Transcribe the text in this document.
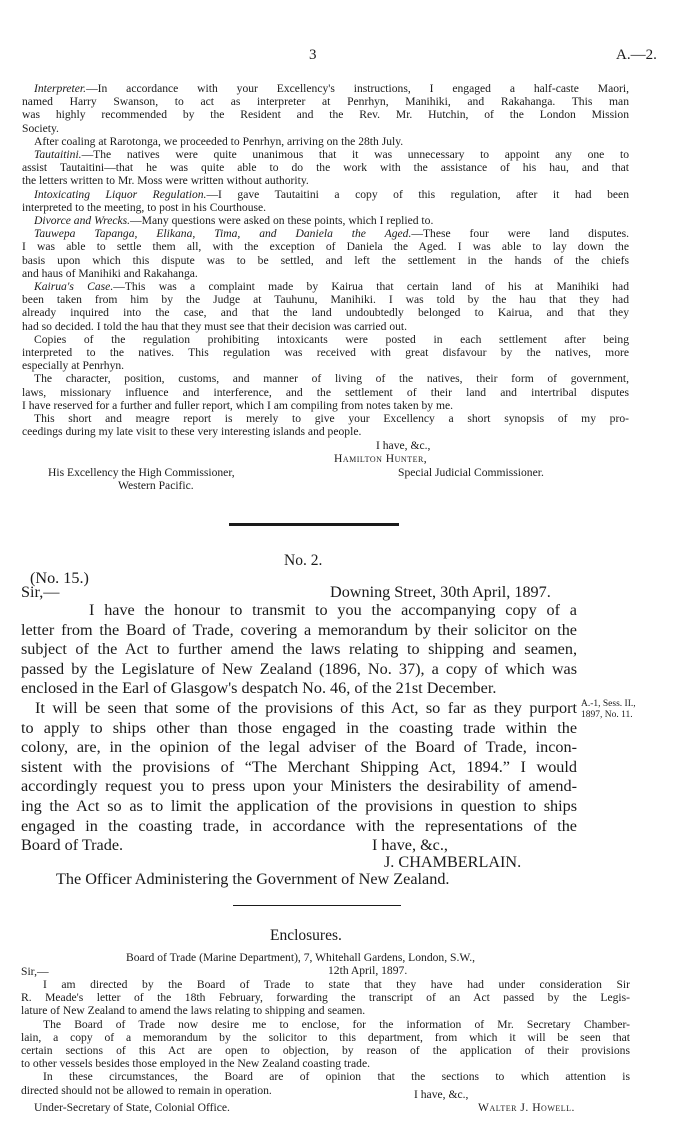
3	A.—2.
Interpreter.—In accordance with your Excellency's instructions, I engaged a half-caste Maori,
named Harry Swanson, to act as interpreter at Penrhyn, Manihiki, and Rakahanga. This man
was highly recommended by the Resident and the Rev. Mr. Hutchin, of the London Mission
Society.
After coaling at Rarotonga, we proceeded to Penrhyn, arriving on the 28th July.
Tautaitini.—The natives were quite unanimous that it was unnecessary to appoint any one to
assist Tautaitini—that he was quite able to do the work with the assistance of his hau, and that
the letters written to Mr. Moss were written without authority.
Intoxicating Liquor Regulation.—I gave Tautaitini a copy of this regulation, after it had been
interpreted to the meeting, to post in his Courthouse.
Divorce and Wrecks.—Many questions were asked on these points, which I replied to.
Tauwepa Tapanga, Elikana, Tima, and Daniela the Aged.—These four were land disputes.
I was able to settle them all, with the exception of Daniela the Aged. I was able to lay down the
basis upon which this dispute was to be settled, and left the settlement in the hands of the chiefs
and haus of Manihiki and Rakahanga.
Kairua's Case.—This was a complaint made by Kairua that certain land of his at Manihiki had
been taken from him by the Judge at Tauhunu, Manihiki. I was told by the hau that they had
already inquired into the case, and that the land undoubtedly belonged to Kairua, and that they
had so decided. I told the hau that they must see that their decision was carried out.
Copies of the regulation prohibiting intoxicants were posted in each settlement after being
interpreted to the natives. This regulation was received with great disfavour by the natives, more
especially at Penrhyn.
The character, position, customs, and manner of living of the natives, their form of government,
laws, missionary influence and interference, and the settlement of their land and intertribal disputes
I have reserved for a further and fuller report, which I am compiling from notes taken by me.
This short and meagre report is merely to give your Excellency a short synopsis of my pro-
ceedings during my late visit to these very interesting islands and people.
I have, &c.,
Hamilton Hunter,
His Excellency the High Commissioner,	Special Judicial Commissioner.
Western Pacific.
No. 2.
(No. 15.)
Sir,—	Downing Street, 30th April, 1897.
I have the honour to transmit to you the accompanying copy of a
letter from the Board of Trade, covering a memorandum by their solicitor on the
subject of the Act to further amend the laws relating to shipping and seamen,
passed by the Legislature of New Zealand (1896, No. 37), a copy of which was
enclosed in the Earl of Glasgow's despatch No. 46, of the 21st December.
It will be seen that some of the provisions of this Act, so far as they purport
to apply to ships other than those engaged in the coasting trade within the
colony, are, in the opinion of the legal adviser of the Board of Trade, incon-
sistent with the provisions of “The Merchant Shipping Act, 1894.” I would
accordingly request you to press upon your Ministers the desirability of amend-
ing the Act so as to limit the application of the provisions in question to ships
engaged in the coasting trade, in accordance with the representations of the
Board of Trade.
A.-1, Sess. II.,
1897, No. 11.
I have, &c.,
J. CHAMBERLAIN.
The Officer Administering the Government of New Zealand.
Enclosures.
Board of Trade (Marine Department), 7, Whitehall Gardens, London, S.W.,
Sir,—	12th April, 1897.
I am directed by the Board of Trade to state that they have had under consideration Sir
R. Meade's letter of the 18th February, forwarding the transcript of an Act passed by the Legis-
lature of New Zealand to amend the laws relating to shipping and seamen.
The Board of Trade now desire me to enclose, for the information of Mr. Secretary Chamber-
lain, a copy of a memorandum by the solicitor to this department, from which it will be seen that
certain sections of this Act are open to objection, by reason of the application of their provisions
to other vessels besides those employed in the New Zealand coasting trade.
In these circumstances, the Board are of opinion that the sections to which attention is
directed should not be allowed to remain in operation.	I have, &c.,
Under-Secretary of State, Colonial Office.	Walter J. Howell.
